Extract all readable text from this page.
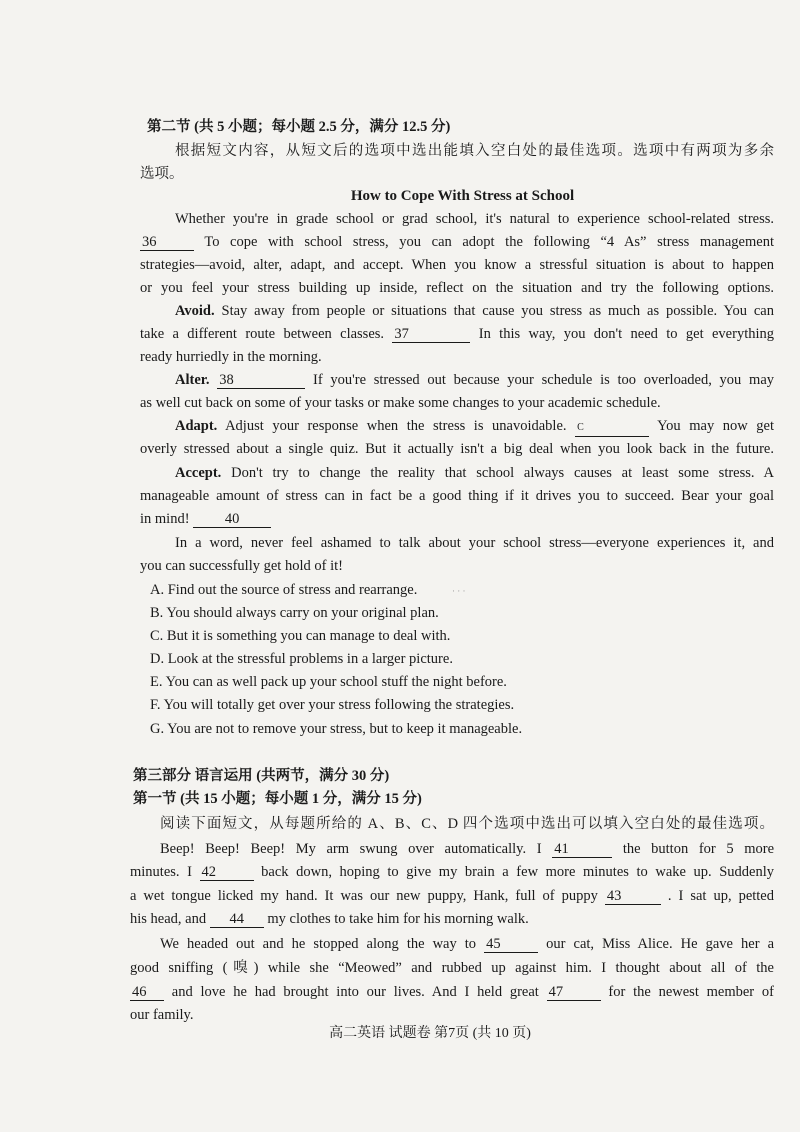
第二节 (共 5 小题；每小题 2.5 分，满分 12.5 分)
根据短文内容，从短文后的选项中选出能填入空白处的最佳选项。选项中有两项为多余
选项。
How to Cope With Stress at School
Whether you're in grade school or grad school, it's natural to experience school-related stress.
36	To cope with school stress, you can adopt the following “4 As” stress management
strategies—avoid, alter, adapt, and accept. When you know a stressful situation is about to happen
or you feel your stress building up inside, reflect on the situation and try the following options.
Avoid. Stay away from people or situations that cause you stress as much as possible. You can
take a different route between classes. 37	In this way, you don't need to get everything
ready hurriedly in the morning.
Alter. 38	If you're stressed out because your schedule is too overloaded, you may
as well cut back on some of your tasks or make some changes to your academic schedule.
Adapt. Adjust your response when the stress is unavoidable. C	You may now get
overly stressed about a single quiz. But it actually isn't a big deal when you look back in the future.
Accept. Don't try to change the reality that school always causes at least some stress. A
manageable amount of stress can in fact be a good thing if it drives you to succeed. Bear your goal
in mind! 40
In a word, never feel ashamed to talk about your school stress—everyone experiences it, and
you can successfully get hold of it!
A. Find out the source of stress and rearrange.	· · ·
B. You should always carry on your original plan.
C. But it is something you can manage to deal with.
D. Look at the stressful problems in a larger picture.
E. You can as well pack up your school stuff the night before.
F. You will totally get over your stress following the strategies.
G. You are not to remove your stress, but to keep it manageable.
第三部分 语言运用 (共两节，满分 30 分)
第一节 (共 15 小题；每小题 1 分，满分 15 分)
阅读下面短文，从每题所给的 A、B、C、D 四个选项中选出可以填入空白处的最佳选项。
Beep! Beep! Beep! My arm swung over automatically. I 41	the button for 5 more
minutes. I 42	back down, hoping to give my brain a few more minutes to wake up. Suddenly
a wet tongue licked my hand. It was our new puppy, Hank, full of puppy 43	. I sat up, petted
his head, and 44 my clothes to take him for his morning walk.
We headed out and he stopped along the way to 45	our cat, Miss Alice. He gave her a
good sniffing (嗅) while she “Meowed” and rubbed up against him. I thought about all of the
46 and love he had brought into our lives. And I held great 47	for the newest member of
our family.
高二英语 试题卷 第7页 (共 10 页)
